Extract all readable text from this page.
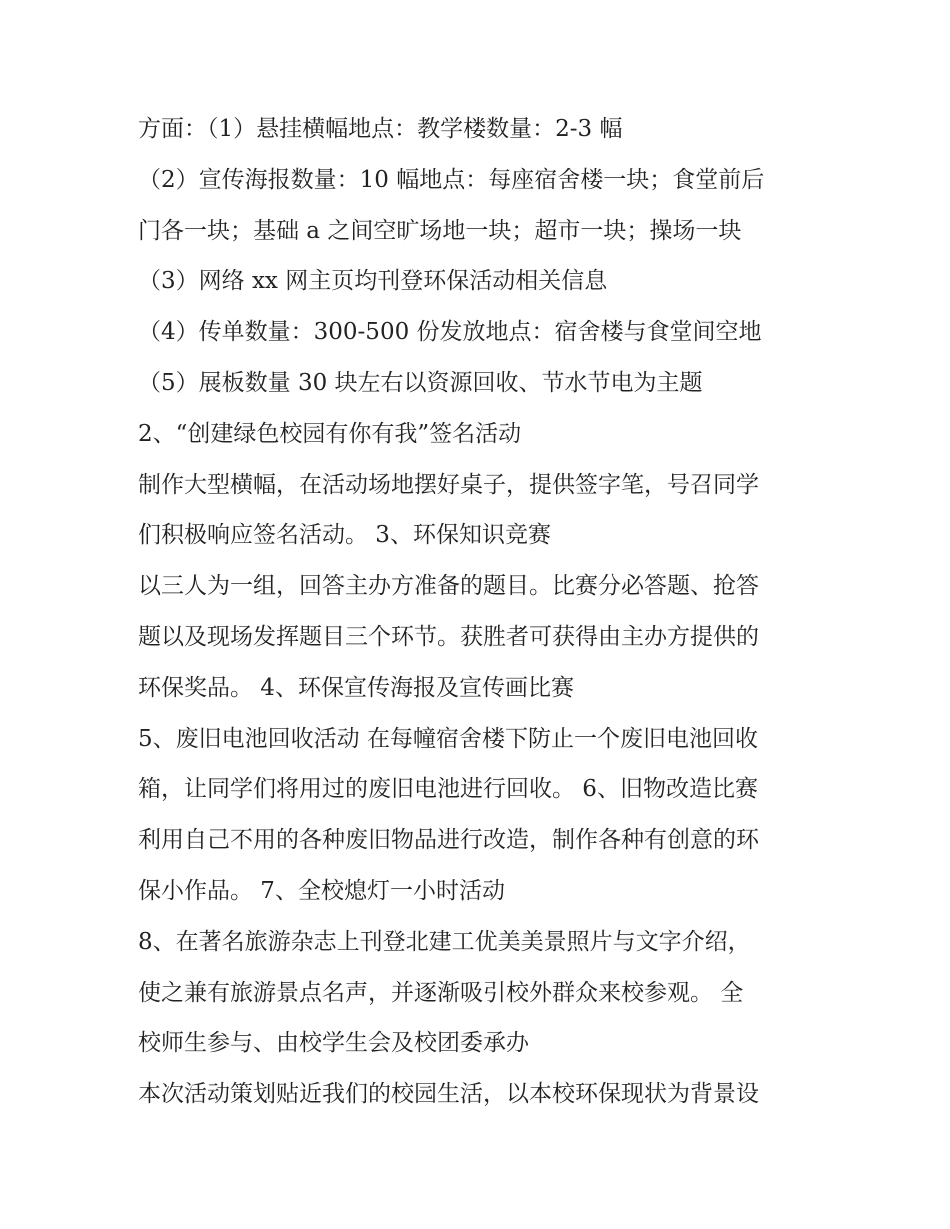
方面：（1）悬挂横幅地点：教学楼数量：2-3 幅
（2）宣传海报数量：10 幅地点：每座宿舍楼一块；食堂前后
门各一块；基础 a 之间空旷场地一块；超市一块；操场一块
（3）网络 xx 网主页均刊登环保活动相关信息
（4）传单数量：300-500 份发放地点：宿舍楼与食堂间空地
（5）展板数量 30 块左右以资源回收、节水节电为主题
2、“创建绿色校园有你有我”签名活动
制作大型横幅，在活动场地摆好桌子，提供签字笔，号召同学
们积极响应签名活动。 3、环保知识竞赛
以三人为一组，回答主办方准备的题目。比赛分必答题、抢答
题以及现场发挥题目三个环节。获胜者可获得由主办方提供的
环保奖品。 4、环保宣传海报及宣传画比赛
5、废旧电池回收活动 在每幢宿舍楼下防止一个废旧电池回收
箱，让同学们将用过的废旧电池进行回收。 6、旧物改造比赛
利用自己不用的各种废旧物品进行改造，制作各种有创意的环
保小作品。 7、全校熄灯一小时活动
8、在著名旅游杂志上刊登北建工优美美景照片与文字介绍，
使之兼有旅游景点名声，并逐渐吸引校外群众来校参观。 全
校师生参与、由校学生会及校团委承办
本次活动策划贴近我们的校园生活，以本校环保现状为背景设
